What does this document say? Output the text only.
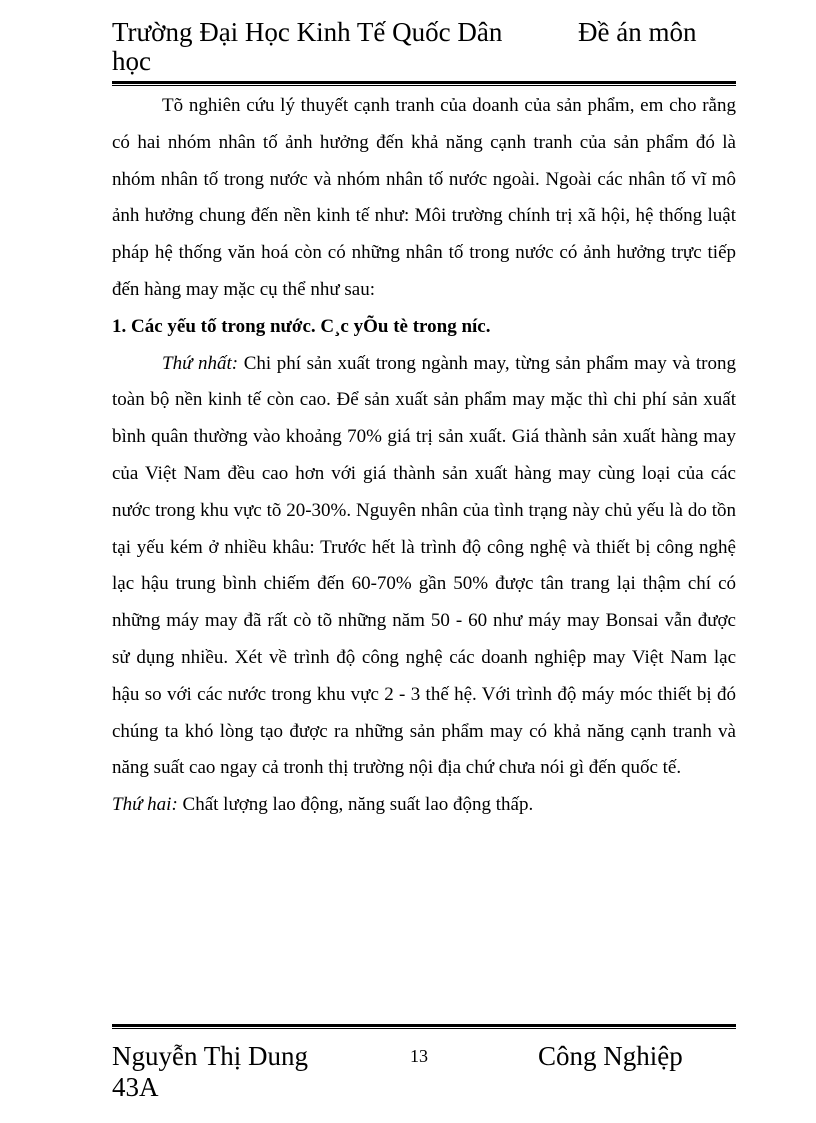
Trường Đại Học Kinh Tế Quốc Dân
học
Đề án môn

Tõ nghiên cứu lý thuyết cạnh tranh của doanh của sản phẩm, em cho rằng có hai nhóm nhân tố ảnh hưởng đến khả năng cạnh tranh của sản phẩm đó là nhóm nhân tố trong nước và nhóm nhân tố nước ngoài. Ngoài các nhân tố vĩ mô ảnh hưởng chung đến nền kinh tế như: Môi trường chính trị xã hội, hệ thống luật pháp hệ thống văn hoá còn có những nhân tố trong nước có ảnh hưởng trực tiếp đến hàng may mặc cụ thể như sau:

1. Các yếu tố trong nước. C¸c yÕu tè trong níc.

Thứ nhất: Chi phí sản xuất trong ngành may, từng sản phẩm may và trong toàn bộ nền kinh tế còn cao. Để sản xuất sản phẩm may mặc thì chi phí sản xuất bình quân thường vào khoảng 70% giá trị sản xuất. Giá thành sản xuất hàng may của Việt Nam đều cao hơn với giá thành sản xuất hàng may cùng loại của các nước trong khu vực tõ 20-30%. Nguyên nhân của tình trạng này chủ yếu là do tồn tại yếu kém ở nhiều khâu: Trước hết là trình độ công nghệ và thiết bị công nghệ lạc hậu trung bình chiếm đến 60-70% gần 50% được tân trang lại thậm chí có những máy may đã rất cò tõ những năm 50 - 60 như máy may Bonsai vẫn được sử dụng nhiều. Xét về trình độ công nghệ các doanh nghiệp may Việt Nam lạc hậu so với các nước trong khu vực 2 - 3 thế hệ. Với trình độ máy móc thiết bị đó chúng ta khó lòng tạo được ra những sản phẩm may có khả năng cạnh tranh và năng suất cao ngay cả tronh thị trường nội địa chứ chưa nói gì đến quốc tế.

Thứ hai: Chất lượng lao động, năng suất lao động thấp.

Nguyễn Thị Dung
43A
13	Công Nghiệp
